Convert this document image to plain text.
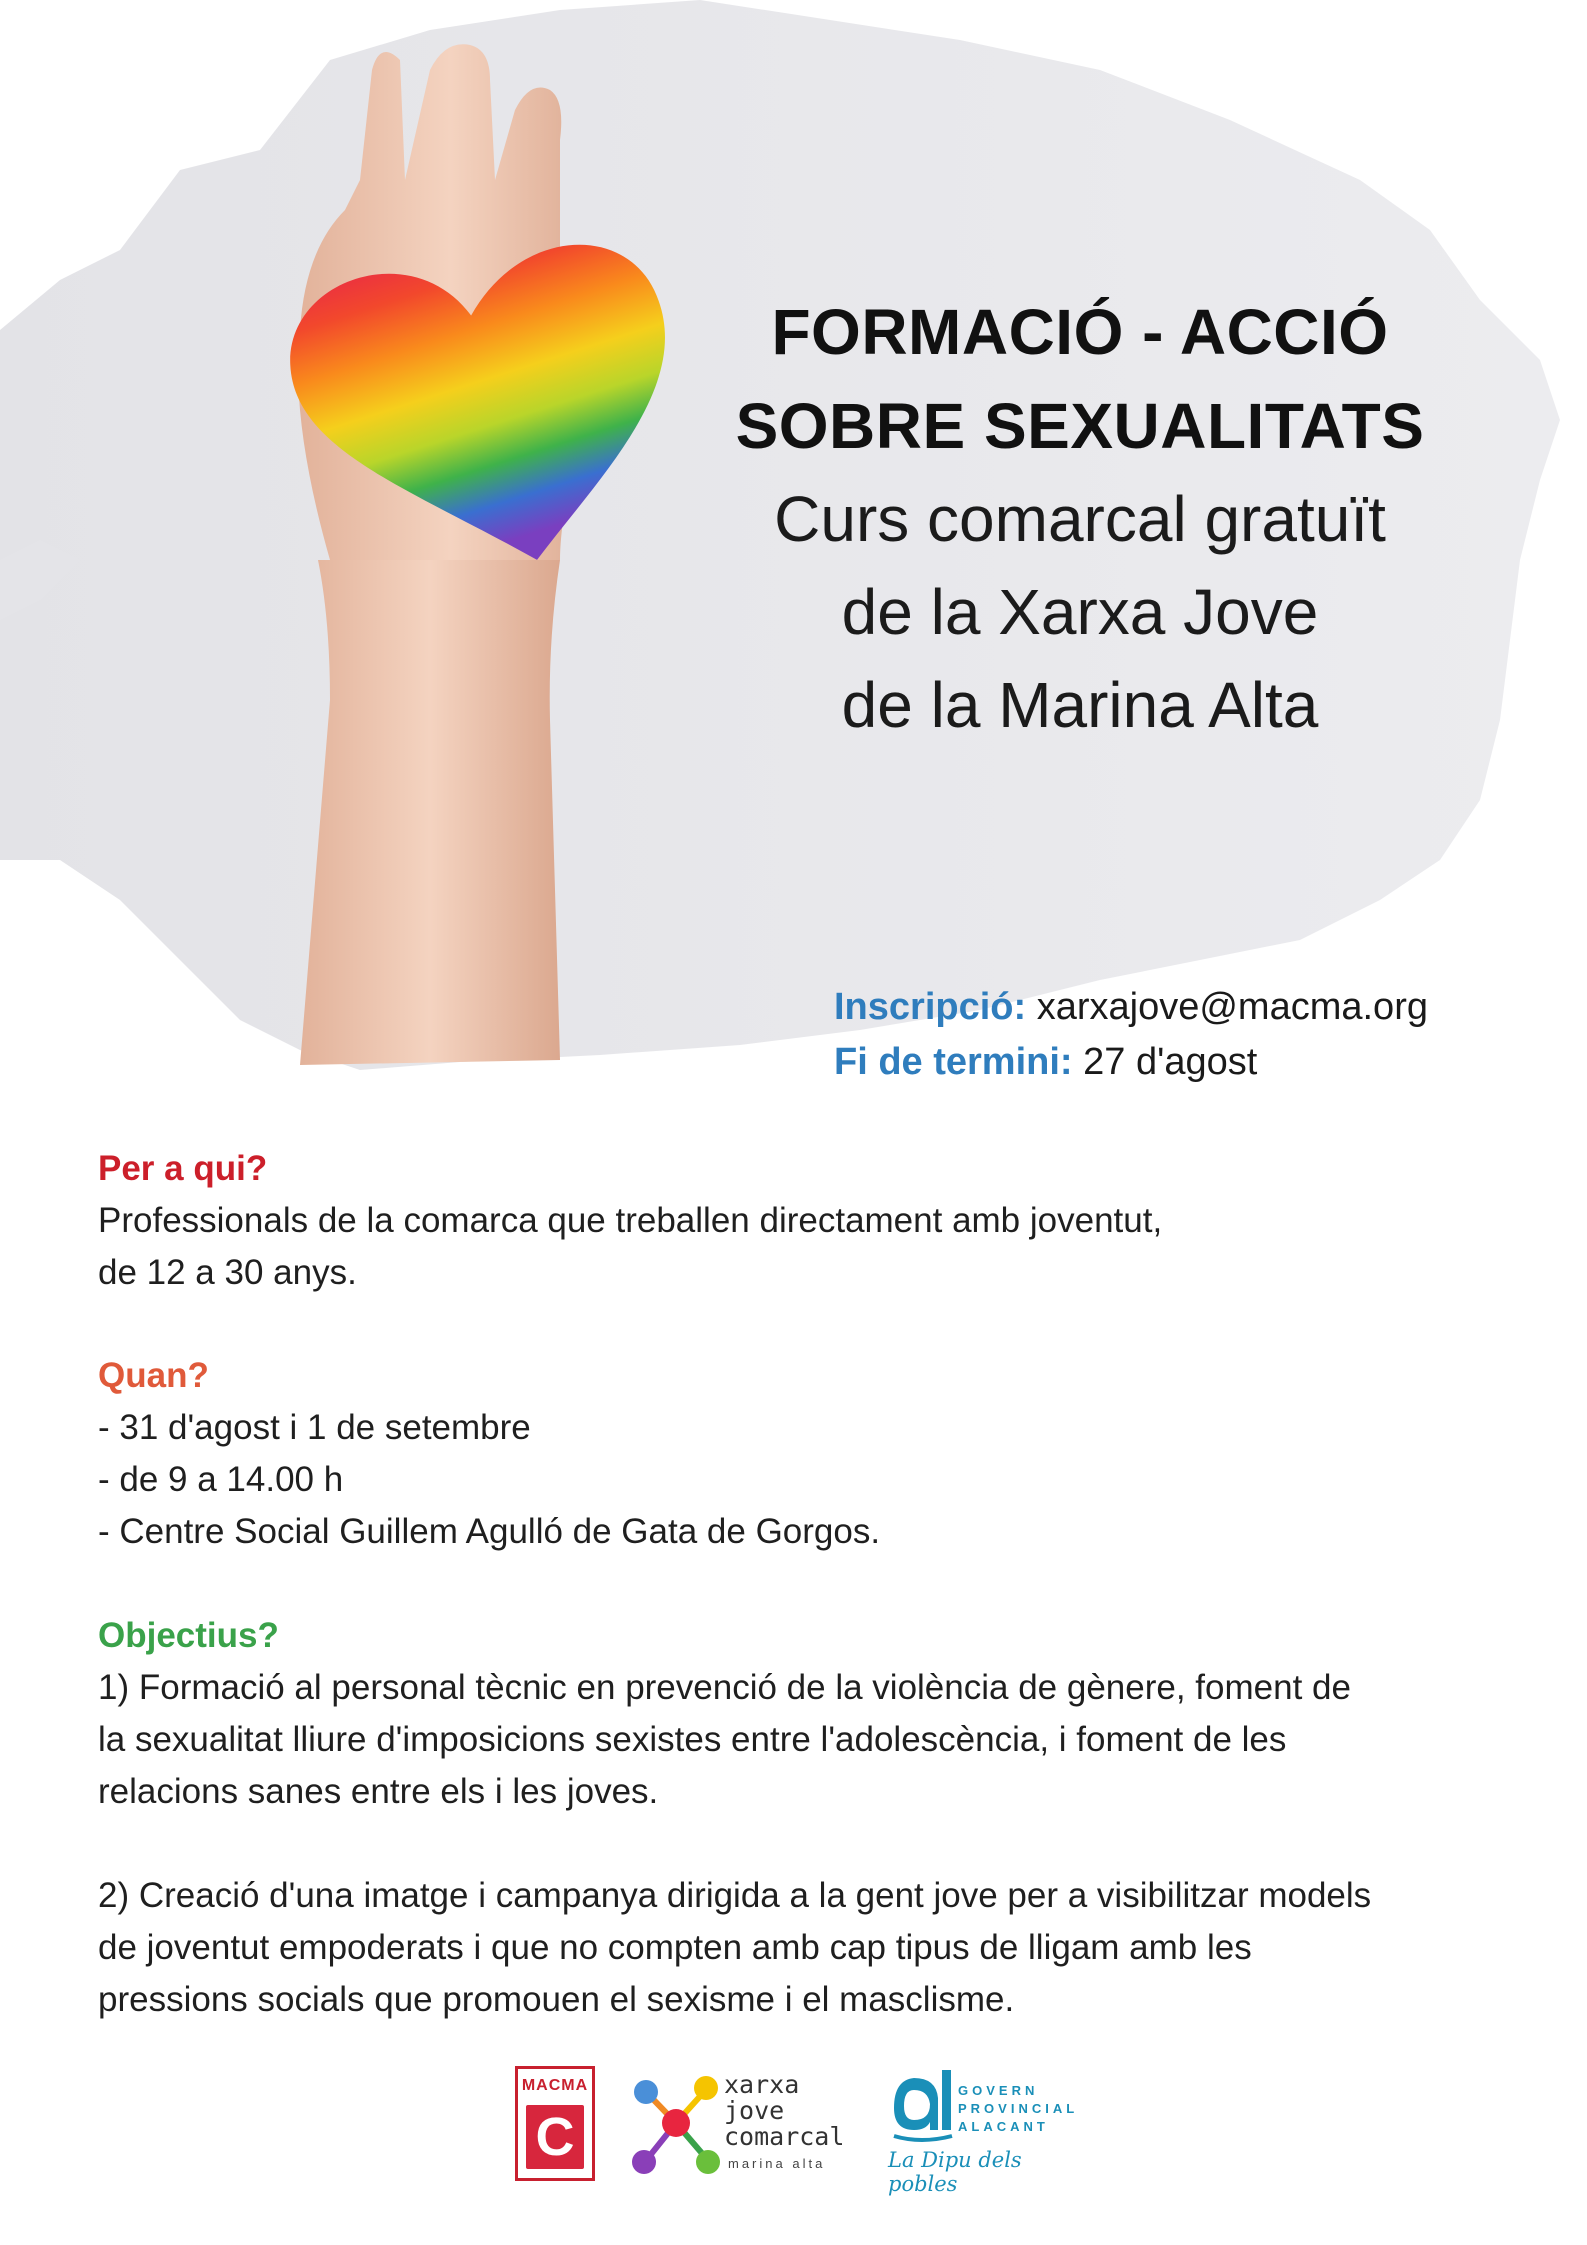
FORMACIÓ - ACCIÓ
SOBRE SEXUALITATS
Curs comarcal gratuït
de la Xarxa Jove
de la Marina Alta
Inscripció: xarxajove@macma.org
Fi de termini: 27 d'agost
Per a qui?
Professionals de la comarca que treballen directament amb joventut,
de 12 a 30 anys.
Quan?
- 31 d'agost i 1 de setembre
- de 9 a 14.00 h
- Centre Social Guillem Agulló de Gata de Gorgos.
Objectius?
1) Formació al personal tècnic en prevenció de la violència de gènere, foment de
la sexualitat lliure d'imposicions sexistes entre l'adolescència, i foment de les
relacions sanes entre els i les joves.
2) Creació d'una imatge i campanya dirigida a la gent jove per a visibilitzar models
de joventut empoderats i que no compten amb cap tipus de lligam amb les
pressions socials que promouen el sexisme i el masclisme.
MACMA
C
xarxa
jove
comarcal
marina alta
GOVERN
PROVINCIAL
ALACANT
La Dipu dels pobles
